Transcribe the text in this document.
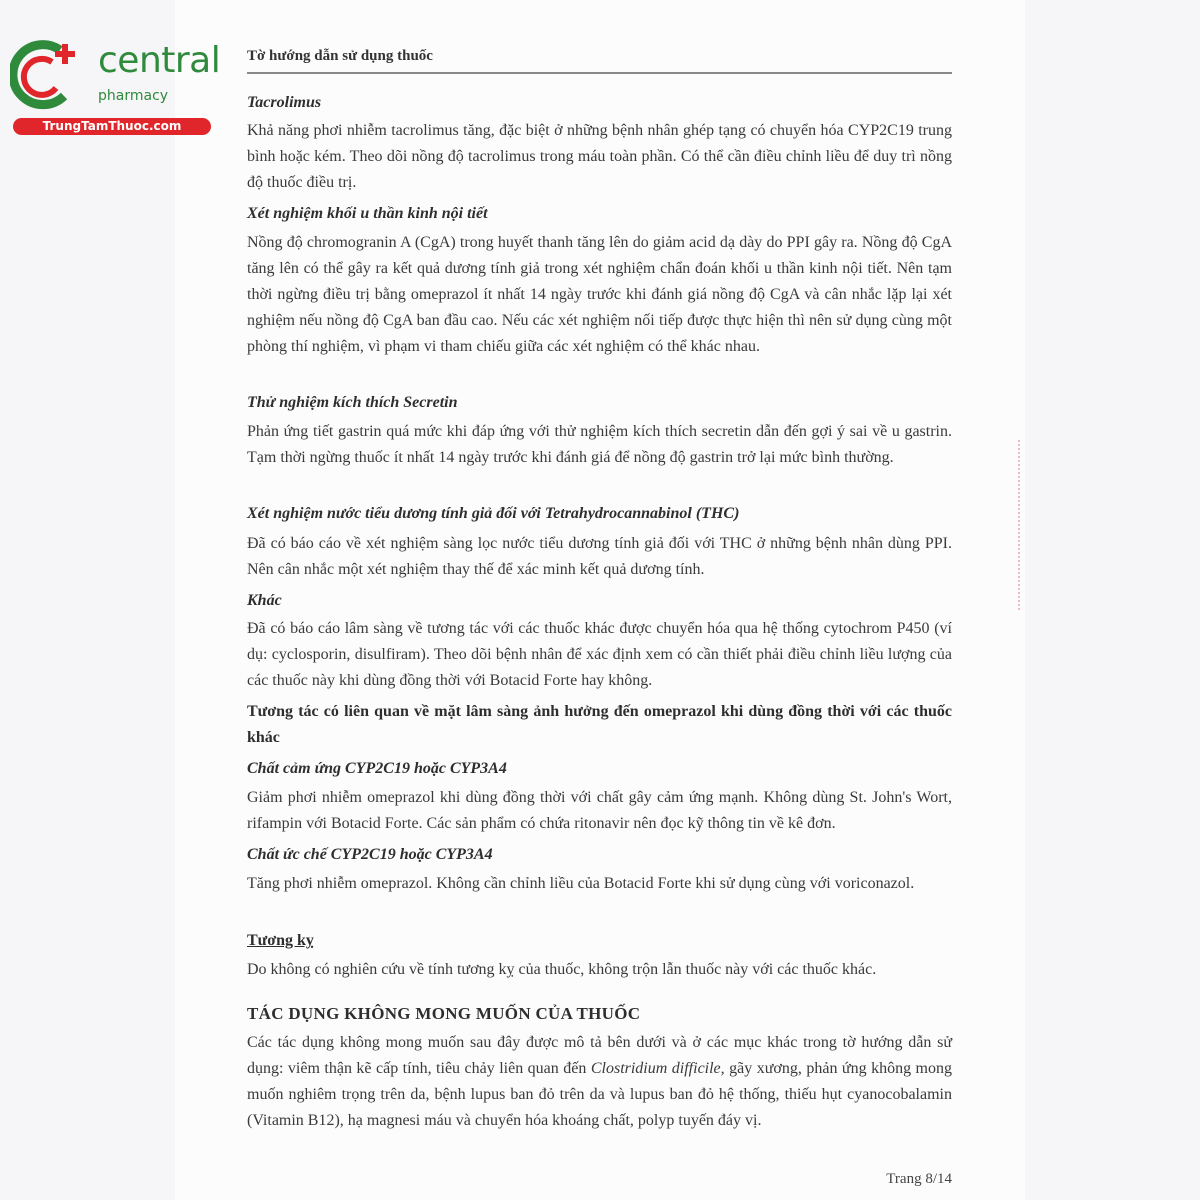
central
pharmacy
TrungTamThuoc.com
Tờ hướng dẫn sử dụng thuốc
Tacrolimus
Khả năng phơi nhiễm tacrolimus tăng, đặc biệt ở những bệnh nhân ghép tạng có chuyển hóa CYP2C19 trung bình hoặc kém. Theo dõi nồng độ tacrolimus trong máu toàn phần. Có thể cần điều chỉnh liều để duy trì nồng độ thuốc điều trị.
Xét nghiệm khối u thần kinh nội tiết
Nồng độ chromogranin A (CgA) trong huyết thanh tăng lên do giảm acid dạ dày do PPI gây ra. Nồng độ CgA tăng lên có thể gây ra kết quả dương tính giả trong xét nghiệm chẩn đoán khối u thần kinh nội tiết. Nên tạm thời ngừng điều trị bằng omeprazol ít nhất 14 ngày trước khi đánh giá nồng độ CgA và cân nhắc lặp lại xét nghiệm nếu nồng độ CgA ban đầu cao. Nếu các xét nghiệm nối tiếp được thực hiện thì nên sử dụng cùng một phòng thí nghiệm, vì phạm vi tham chiếu giữa các xét nghiệm có thể khác nhau.
Thử nghiệm kích thích Secretin
Phản ứng tiết gastrin quá mức khi đáp ứng với thử nghiệm kích thích secretin dẫn đến gợi ý sai về u gastrin. Tạm thời ngừng thuốc ít nhất 14 ngày trước khi đánh giá để nồng độ gastrin trở lại mức bình thường.
Xét nghiệm nước tiểu dương tính giả đối với Tetrahydrocannabinol (THC)
Đã có báo cáo về xét nghiệm sàng lọc nước tiểu dương tính giả đối với THC ở những bệnh nhân dùng PPI. Nên cân nhắc một xét nghiệm thay thế để xác minh kết quả dương tính.
Khác
Đã có báo cáo lâm sàng về tương tác với các thuốc khác được chuyển hóa qua hệ thống cytochrom P450 (ví dụ: cyclosporin, disulfiram). Theo dõi bệnh nhân để xác định xem có cần thiết phải điều chỉnh liều lượng của các thuốc này khi dùng đồng thời với Botacid Forte hay không.
Tương tác có liên quan về mặt lâm sàng ảnh hưởng đến omeprazol khi dùng đồng thời với các thuốc khác
Chất cảm ứng CYP2C19 hoặc CYP3A4
Giảm phơi nhiễm omeprazol khi dùng đồng thời với chất gây cảm ứng mạnh. Không dùng St. John's Wort, rifampin với Botacid Forte. Các sản phẩm có chứa ritonavir nên đọc kỹ thông tin về kê đơn.
Chất ức chế CYP2C19 hoặc CYP3A4
Tăng phơi nhiễm omeprazol. Không cần chỉnh liều của Botacid Forte khi sử dụng cùng với voriconazol.
Tương kỵ
Do không có nghiên cứu về tính tương kỵ của thuốc, không trộn lẫn thuốc này với các thuốc khác.
TÁC DỤNG KHÔNG MONG MUỐN CỦA THUỐC
Các tác dụng không mong muốn sau đây được mô tả bên dưới và ở các mục khác trong tờ hướng dẫn sử dụng: viêm thận kẽ cấp tính, tiêu chảy liên quan đến Clostridium difficile, gãy xương, phản ứng không mong muốn nghiêm trọng trên da, bệnh lupus ban đỏ trên da và lupus ban đỏ hệ thống, thiếu hụt cyanocobalamin (Vitamin B12), hạ magnesi máu và chuyển hóa khoáng chất, polyp tuyến đáy vị.
Trang 8/14
